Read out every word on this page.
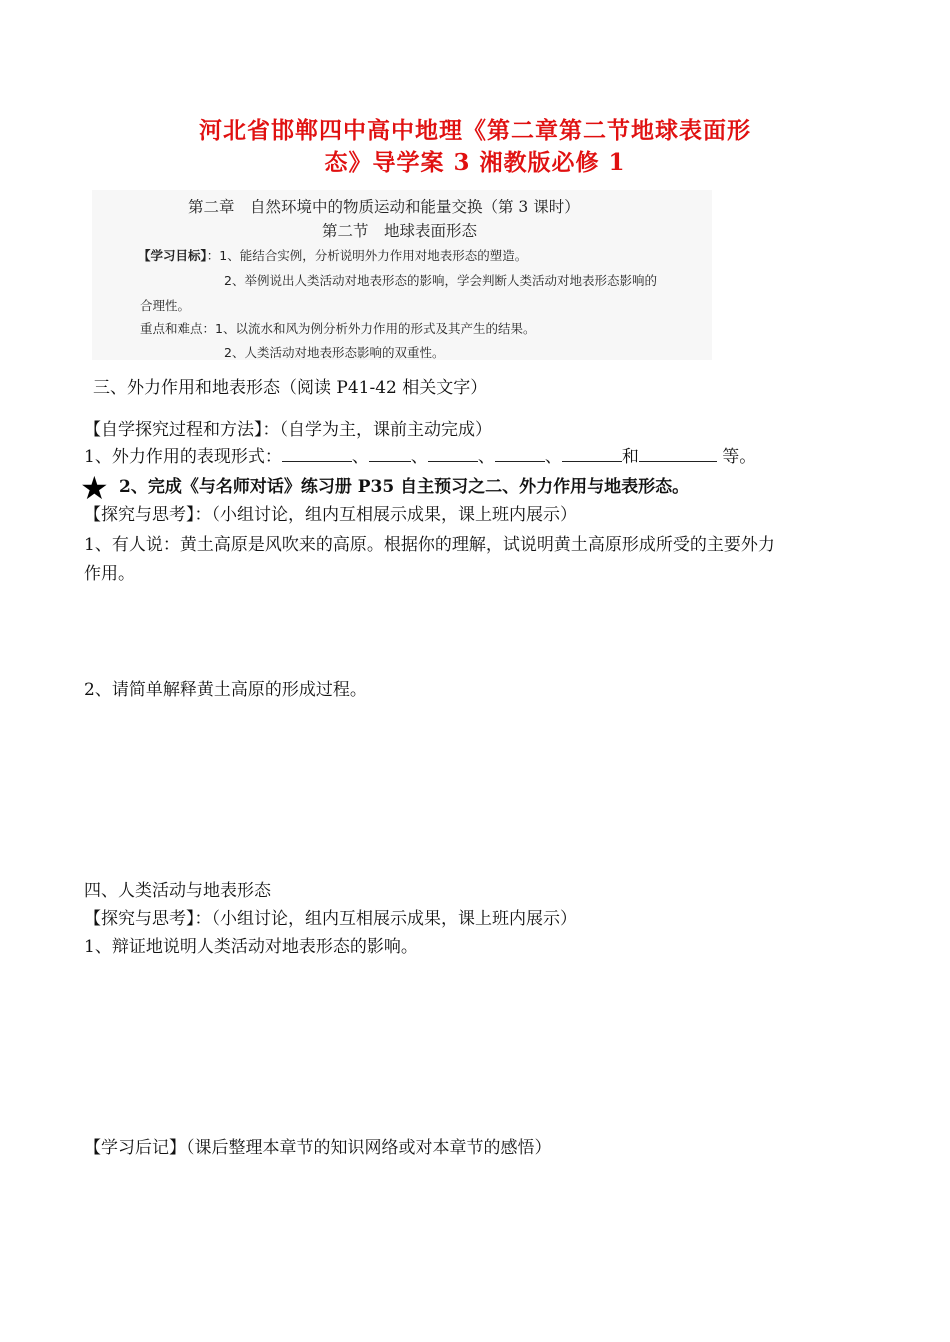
河北省邯郸四中高中地理《第二章第二节地球表面形
态》导学案 3 湘教版必修 1
第二章　自然环境中的物质运动和能量交换（第 3 课时）
第二节　地球表面形态
【学习目标】：1、能结合实例，分析说明外力作用对地表形态的塑造。
2、举例说出人类活动对地表形态的影响，学会判断人类活动对地表形态影响的
合理性。
重点和难点：1、以流水和风为例分析外力作用的形式及其产生的结果。
2、人类活动对地表形态影响的双重性。
三、外力作用和地表形态（阅读 P41-42 相关文字）
【自学探究过程和方法】：（自学为主，课前主动完成）
1、外力作用的表现形式：	、 、	、	、	和	等。
★ 2、完成《与名师对话》练习册 P35 自主预习之二、外力作用与地表形态。
【探究与思考】：（小组讨论，组内互相展示成果，课上班内展示）
1、有人说：黄土高原是风吹来的高原。根据你的理解，试说明黄土高原形成所受的主要外力
作用。
2、请简单解释黄土高原的形成过程。
四、人类活动与地表形态
【探究与思考】：（小组讨论，组内互相展示成果，课上班内展示）
1、辩证地说明人类活动对地表形态的影响。
【学习后记】（课后整理本章节的知识网络或对本章节的感悟）
